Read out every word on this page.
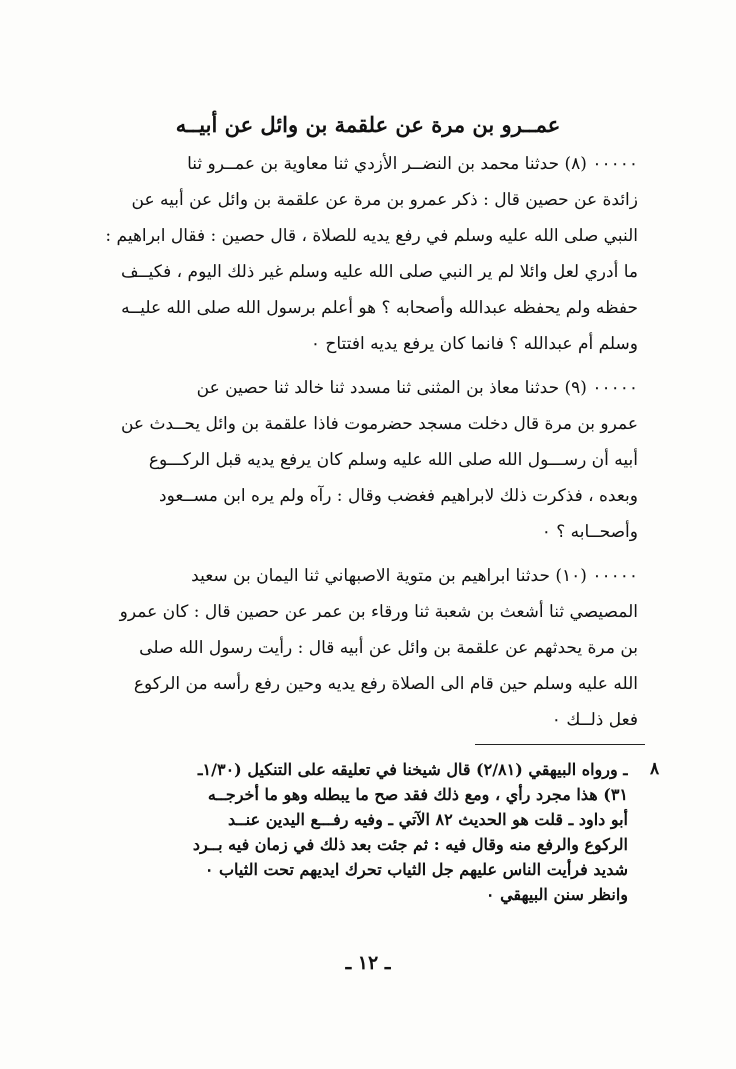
عمــرو بن مرة عن علقمة بن وائل عن أبيــه
٠٠٠٠٠ (٨) حدثنا محمد بن النضــر الأزدي ثنا معاوية بن عمــرو ثنا
زائدة عن حصين قال : ذكر عمرو بن مرة عن علقمة بن وائل عن أبيه عن
النبي صلى الله عليه وسلم في رفع يديه للصلاة ، قال حصين : فقال ابراهيم :
ما أدري لعل وائلا لم ير النبي صلى الله عليه وسلم غير ذلك اليوم ، فكيــف
حفظه ولم يحفظه عبدالله وأصحابه ؟ هو أعلم برسول الله صلى الله عليــه
وسلم أم عبدالله ؟ فانما كان يرفع يديه افتتاح ٠
٠٠٠٠٠ (٩) حدثنا معاذ بن المثنى ثنا مسدد ثنا خالد ثنا حصين عن
عمرو بن مرة قال دخلت مسجد حضرموت فاذا علقمة بن وائل يحــدث عن
أبيه أن رســـول الله صلى الله عليه وسلم كان يرفع يديه قبل الركـــوع
وبعده ، فذكرت ذلك لابراهيم فغضب وقال : رآه ولم يره ابن مســعود
وأصحــابه ؟ ٠
٠٠٠٠٠ (١٠) حدثنا ابراهيم بن متوية الاصبهاني ثنا اليمان بن سعيد
المصيصي ثنا أشعث بن شعبة ثنا ورقاء بن عمر عن حصين قال : كان عمرو
بن مرة يحدثهم عن علقمة بن وائل عن أبيه قال : رأيت رسول الله صلى
الله عليه وسلم حين قام الى الصلاة رفع يديه وحين رفع رأسه من الركوع
فعل ذلــك ٠
٨
ـ ورواه البيهقي (٢/٨١) قال شيخنا في تعليقه على التنكيل (١/٣٠ـ
٣١) هذا مجرد رأي ، ومع ذلك فقد صح ما يبطله وهو ما أخرجــه
أبو داود ـ قلت هو الحديث ٨٢ الآتي ـ وفيه رفـــع اليدين عنــد
الركوع والرفع منه وقال فيه : ثم جئت بعد ذلك في زمان فيه بــرد
شديد فرأيت الناس عليهم جل الثياب تحرك ايديهم تحت الثياب ٠
وانظر سنن البيهقي ٠
ـ ١٢ ـ
